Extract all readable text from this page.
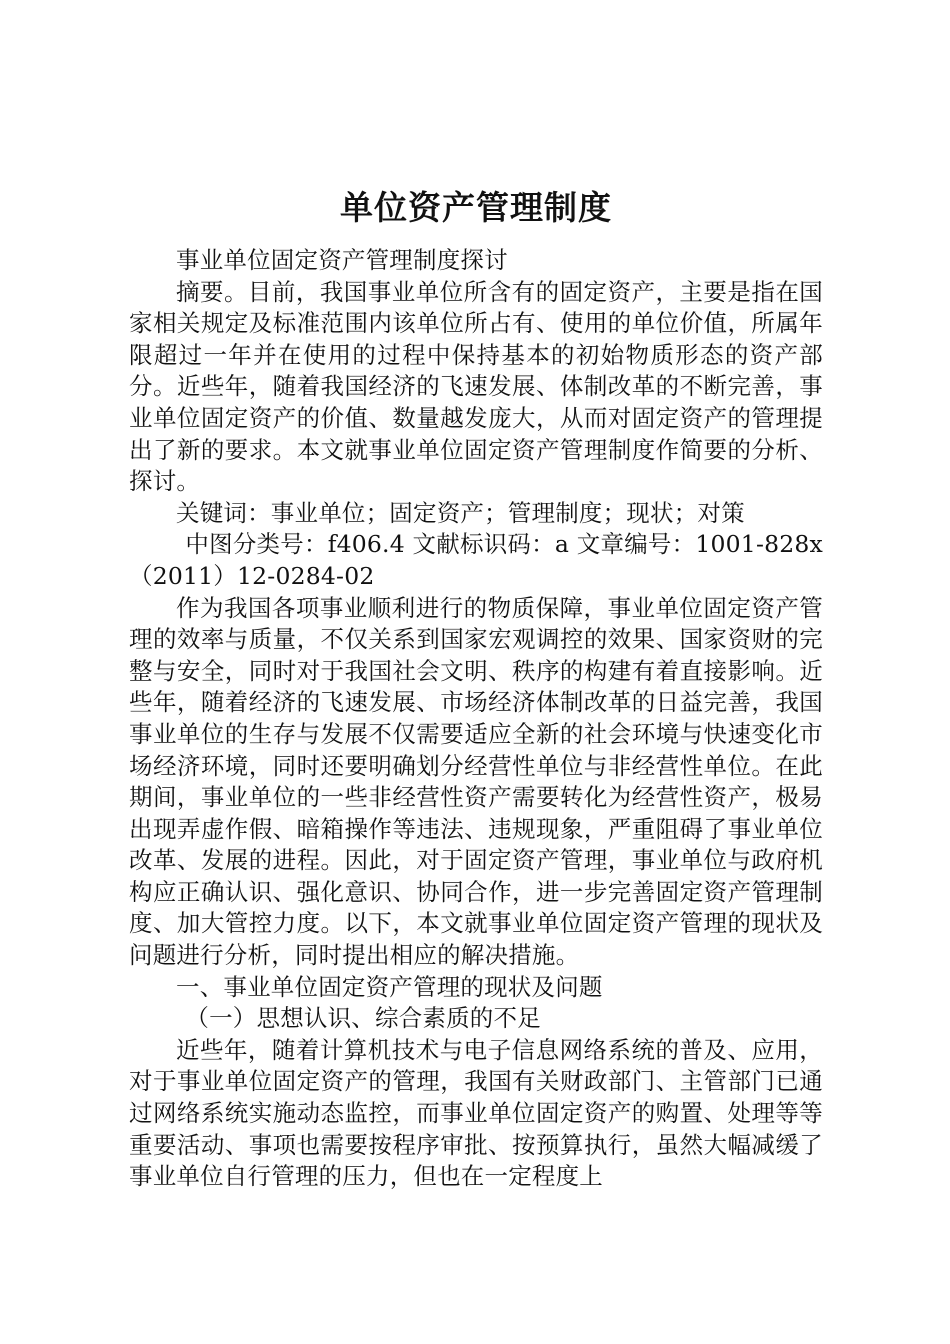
单位资产管理制度

事业单位固定资产管理制度探讨

摘要。目前，我国事业单位所含有的固定资产，主要是指在国家相关规定及标准范围内该单位所占有、使用的单位价值，所属年限超过一年并在使用的过程中保持基本的初始物质形态的资产部分。近些年，随着我国经济的飞速发展、体制改革的不断完善，事业单位固定资产的价值、数量越发庞大，从而对固定资产的管理提出了新的要求。本文就事业单位固定资产管理制度作简要的分析、探讨。

关键词：事业单位；固定资产；管理制度；现状；对策

中图分类号：f406.4 文献标识码：a 文章编号：1001-828x（2011）12-0284-02

作为我国各项事业顺利进行的物质保障，事业单位固定资产管理的效率与质量，不仅关系到国家宏观调控的效果、国家资财的完整与安全，同时对于我国社会文明、秩序的构建有着直接影响。近些年，随着经济的飞速发展、市场经济体制改革的日益完善，我国事业单位的生存与发展不仅需要适应全新的社会环境与快速变化市场经济环境，同时还要明确划分经营性单位与非经营性单位。在此期间，事业单位的一些非经营性资产需要转化为经营性资产，极易出现弄虚作假、暗箱操作等违法、违规现象，严重阻碍了事业单位改革、发展的进程。因此，对于固定资产管理，事业单位与政府机构应正确认识、强化意识、协同合作，进一步完善固定资产管理制度、加大管控力度。以下，本文就事业单位固定资产管理的现状及问题进行分析，同时提出相应的解决措施。

一、事业单位固定资产管理的现状及问题

（一）思想认识、综合素质的不足

近些年，随着计算机技术与电子信息网络系统的普及、应用，对于事业单位固定资产的管理，我国有关财政部门、主管部门已通过网络系统实施动态监控，而事业单位固定资产的购置、处理等等重要活动、事项也需要按程序审批、按预算执行，虽然大幅减缓了事业单位自行管理的压力，但也在一定程度上
